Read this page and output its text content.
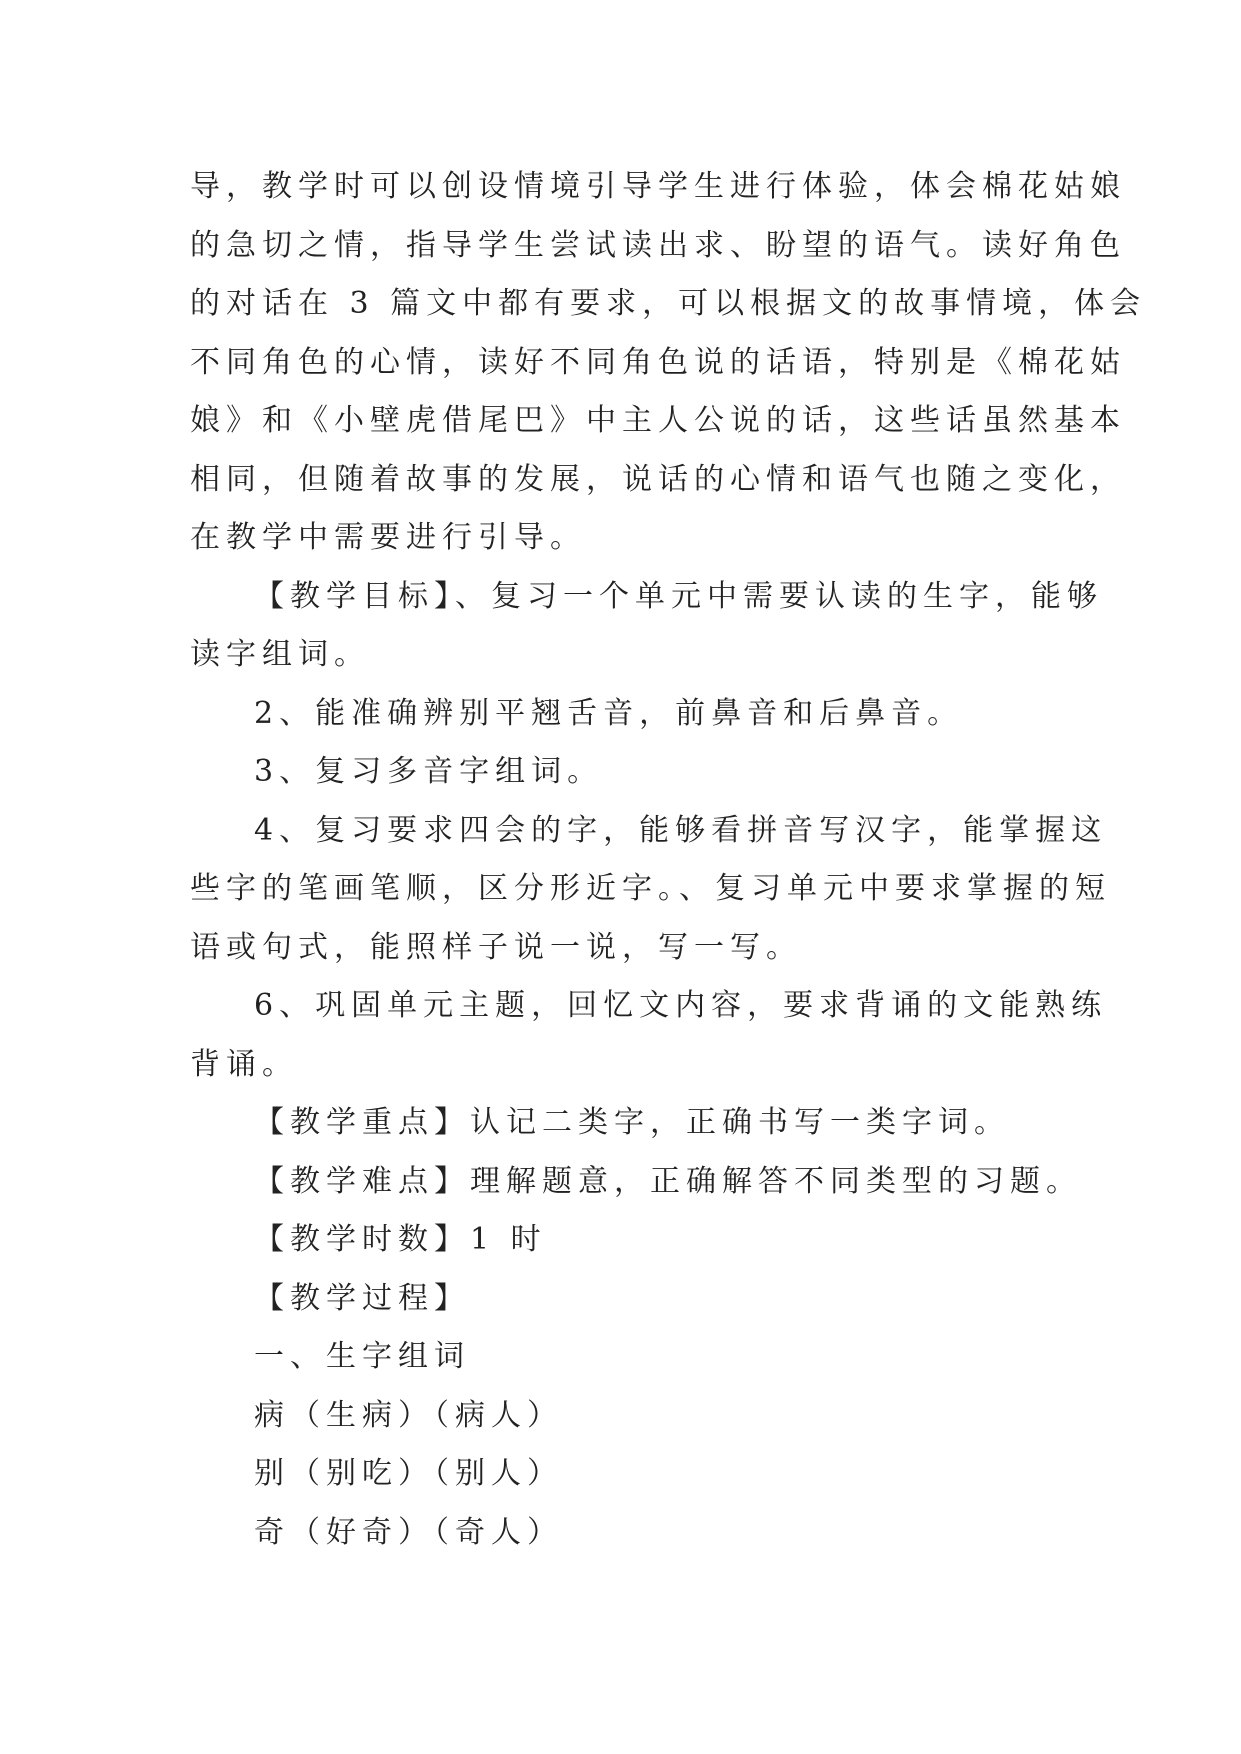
导，教学时可以创设情境引导学生进行体验，体会棉花姑娘
的急切之情，指导学生尝试读出求、盼望的语气。读好角色
的对话在 3 篇文中都有要求，可以根据文的故事情境，体会
不同角色的心情，读好不同角色说的话语，特别是《棉花姑
娘》和《小壁虎借尾巴》中主人公说的话，这些话虽然基本
相同，但随着故事的发展，说话的心情和语气也随之变化，
在教学中需要进行引导。
【教学目标】、复习一个单元中需要认读的生字，能够
读字组词。
2、能准确辨别平翘舌音，前鼻音和后鼻音。
3、复习多音字组词。
4、复习要求四会的字，能够看拼音写汉字，能掌握这
些字的笔画笔顺，区分形近字。、复习单元中要求掌握的短
语或句式，能照样子说一说，写一写。
6、巩固单元主题，回忆文内容，要求背诵的文能熟练
背诵。
【教学重点】认记二类字，正确书写一类字词。
【教学难点】理解题意，正确解答不同类型的习题。
【教学时数】1 时
【教学过程】
一、生字组词
病（生病）（病人）
别（别吃）（别人）
奇（好奇）（奇人）
